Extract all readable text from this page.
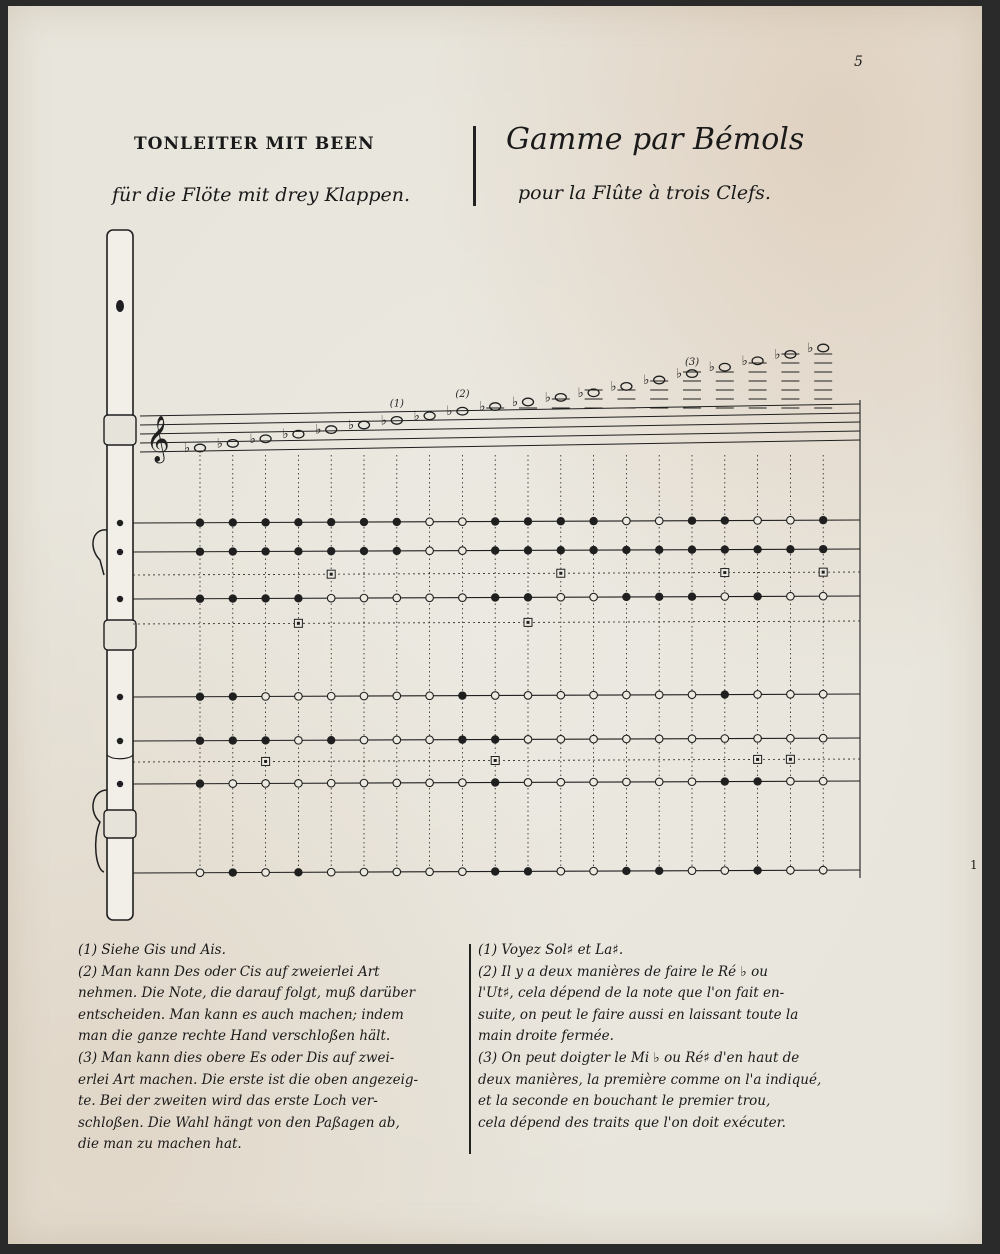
5
TONLEITER MIT BEEN
für die Flöte mit drey Klappen.
Gamme par Bémols
pour la Flûte à trois Clefs.

(1) Siehe Gis und Ais.

(2) Man kann Des oder Cis auf zweierlei Art

nehmen. Die Note, die darauf folgt, muß darüber

entscheiden. Man kann es auch machen; indem

man die ganze rechte Hand verschloßen hält.

(3) Man kann dies obere Es oder Dis auf zwei-

erlei Art machen. Die erste ist die oben angezeig-

te. Bei der zweiten wird das erste Loch ver-

schloßen. Die Wahl hängt von den Paßagen ab,

die man zu machen hat.

(1) Voyez Sol♯ et La♯.

(2) Il y a deux manières de faire le Ré ♭ ou

l'Ut♯, cela dépend de la note que l'on fait en-

suite, on peut le faire aussi en laissant toute la

main droite fermée.

(3) On peut doigter le Mi ♭ ou Ré♯ d'en haut de

deux manières, la première comme on l'a indiqué,

et la seconde en bouchant le premier trou,

cela dépend des traits que l'on doit exécuter.

1
𝄞 ♭ ♭ ♭ ♭ ♭ ♭ ♭ ♭ ♭ ♭ ♭ ♭ ♭ ♭ ♭ ♭ ♭ ♭ ♭ ♭
(1)
(2)
(3)
